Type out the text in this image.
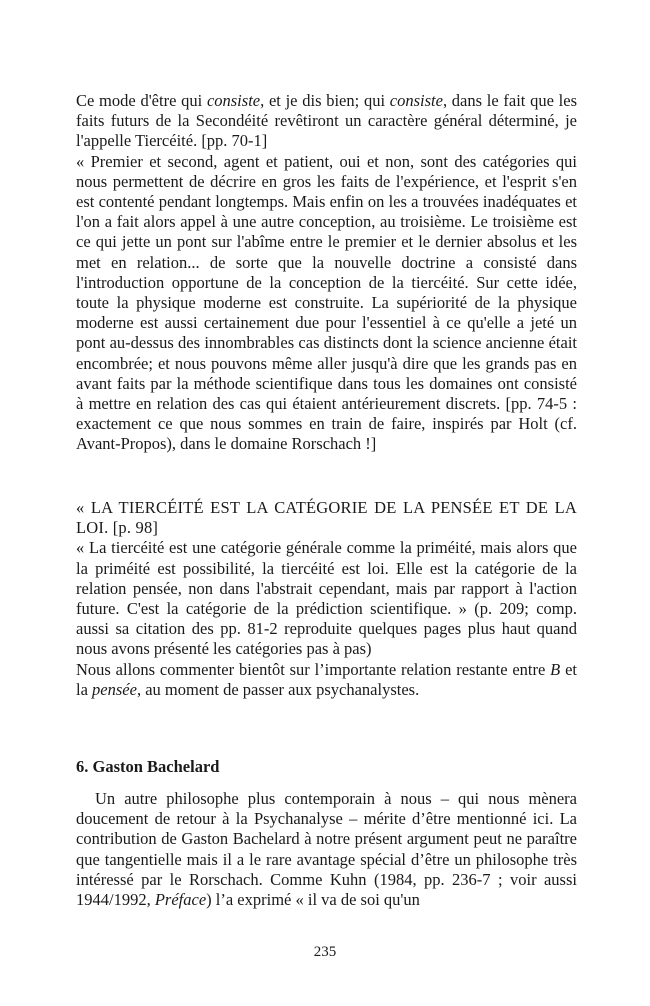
Ce mode d'être qui consiste, et je dis bien; qui consiste, dans le fait que les faits futurs de la Secondéité revêtiront un caractère général déterminé, je l'appelle Tiercéité. [pp. 70-1]

« Premier et second, agent et patient, oui et non, sont des catégories qui nous permettent de décrire en gros les faits de l'expérience, et l'esprit s'en est contenté pendant longtemps. Mais enfin on les a trouvées inadéquates et l'on a fait alors appel à une autre conception, au troisième. Le troisième est ce qui jette un pont sur l'abîme entre le premier et le dernier absolus et les met en relation... de sorte que la nouvelle doctrine a consisté dans l'introduction opportune de la conception de la tiercéité. Sur cette idée, toute la physique moderne est construite. La supériorité de la physique moderne est aussi certainement due pour l'essentiel à ce qu'elle a jeté un pont au-dessus des innombrables cas distincts dont la science ancienne était encombrée; et nous pouvons même aller jusqu'à dire que les grands pas en avant faits par la méthode scientifique dans tous les domaines ont consisté à mettre en relation des cas qui étaient antérieurement discrets. [pp. 74-5 : exactement ce que nous sommes en train de faire, inspirés par Holt (cf. Avant-Propos), dans le domaine Rorschach !]

« LA TIERCÉITÉ EST LA CATÉGORIE DE LA PENSÉE ET DE LA LOI. [p. 98]

« La tiercéité est une catégorie générale comme la priméité, mais alors que la priméité est possibilité, la tiercéité est loi. Elle est la catégorie de la relation pensée, non dans l'abstrait cependant, mais par rapport à l'action future. C'est la catégorie de la prédiction scientifique. » (p. 209; comp. aussi sa citation des pp. 81-2 reproduite quelques pages plus haut quand nous avons présenté les catégories pas à pas)

Nous allons commenter bientôt sur l’importante relation restante entre B et la pensée, au moment de passer aux psychanalystes.

6. Gaston Bachelard

Un autre philosophe plus contemporain à nous – qui nous mènera doucement de retour à la Psychanalyse – mérite d’être mentionné ici. La contribution de Gaston Bachelard à notre présent argument peut ne paraître que tangentielle mais il a le rare avantage spécial d’être un philosophe très intéressé par le Rorschach. Comme Kuhn (1984, pp. 236-7 ; voir aussi 1944/1992, Préface) l’a exprimé « il va de soi qu'un

235
